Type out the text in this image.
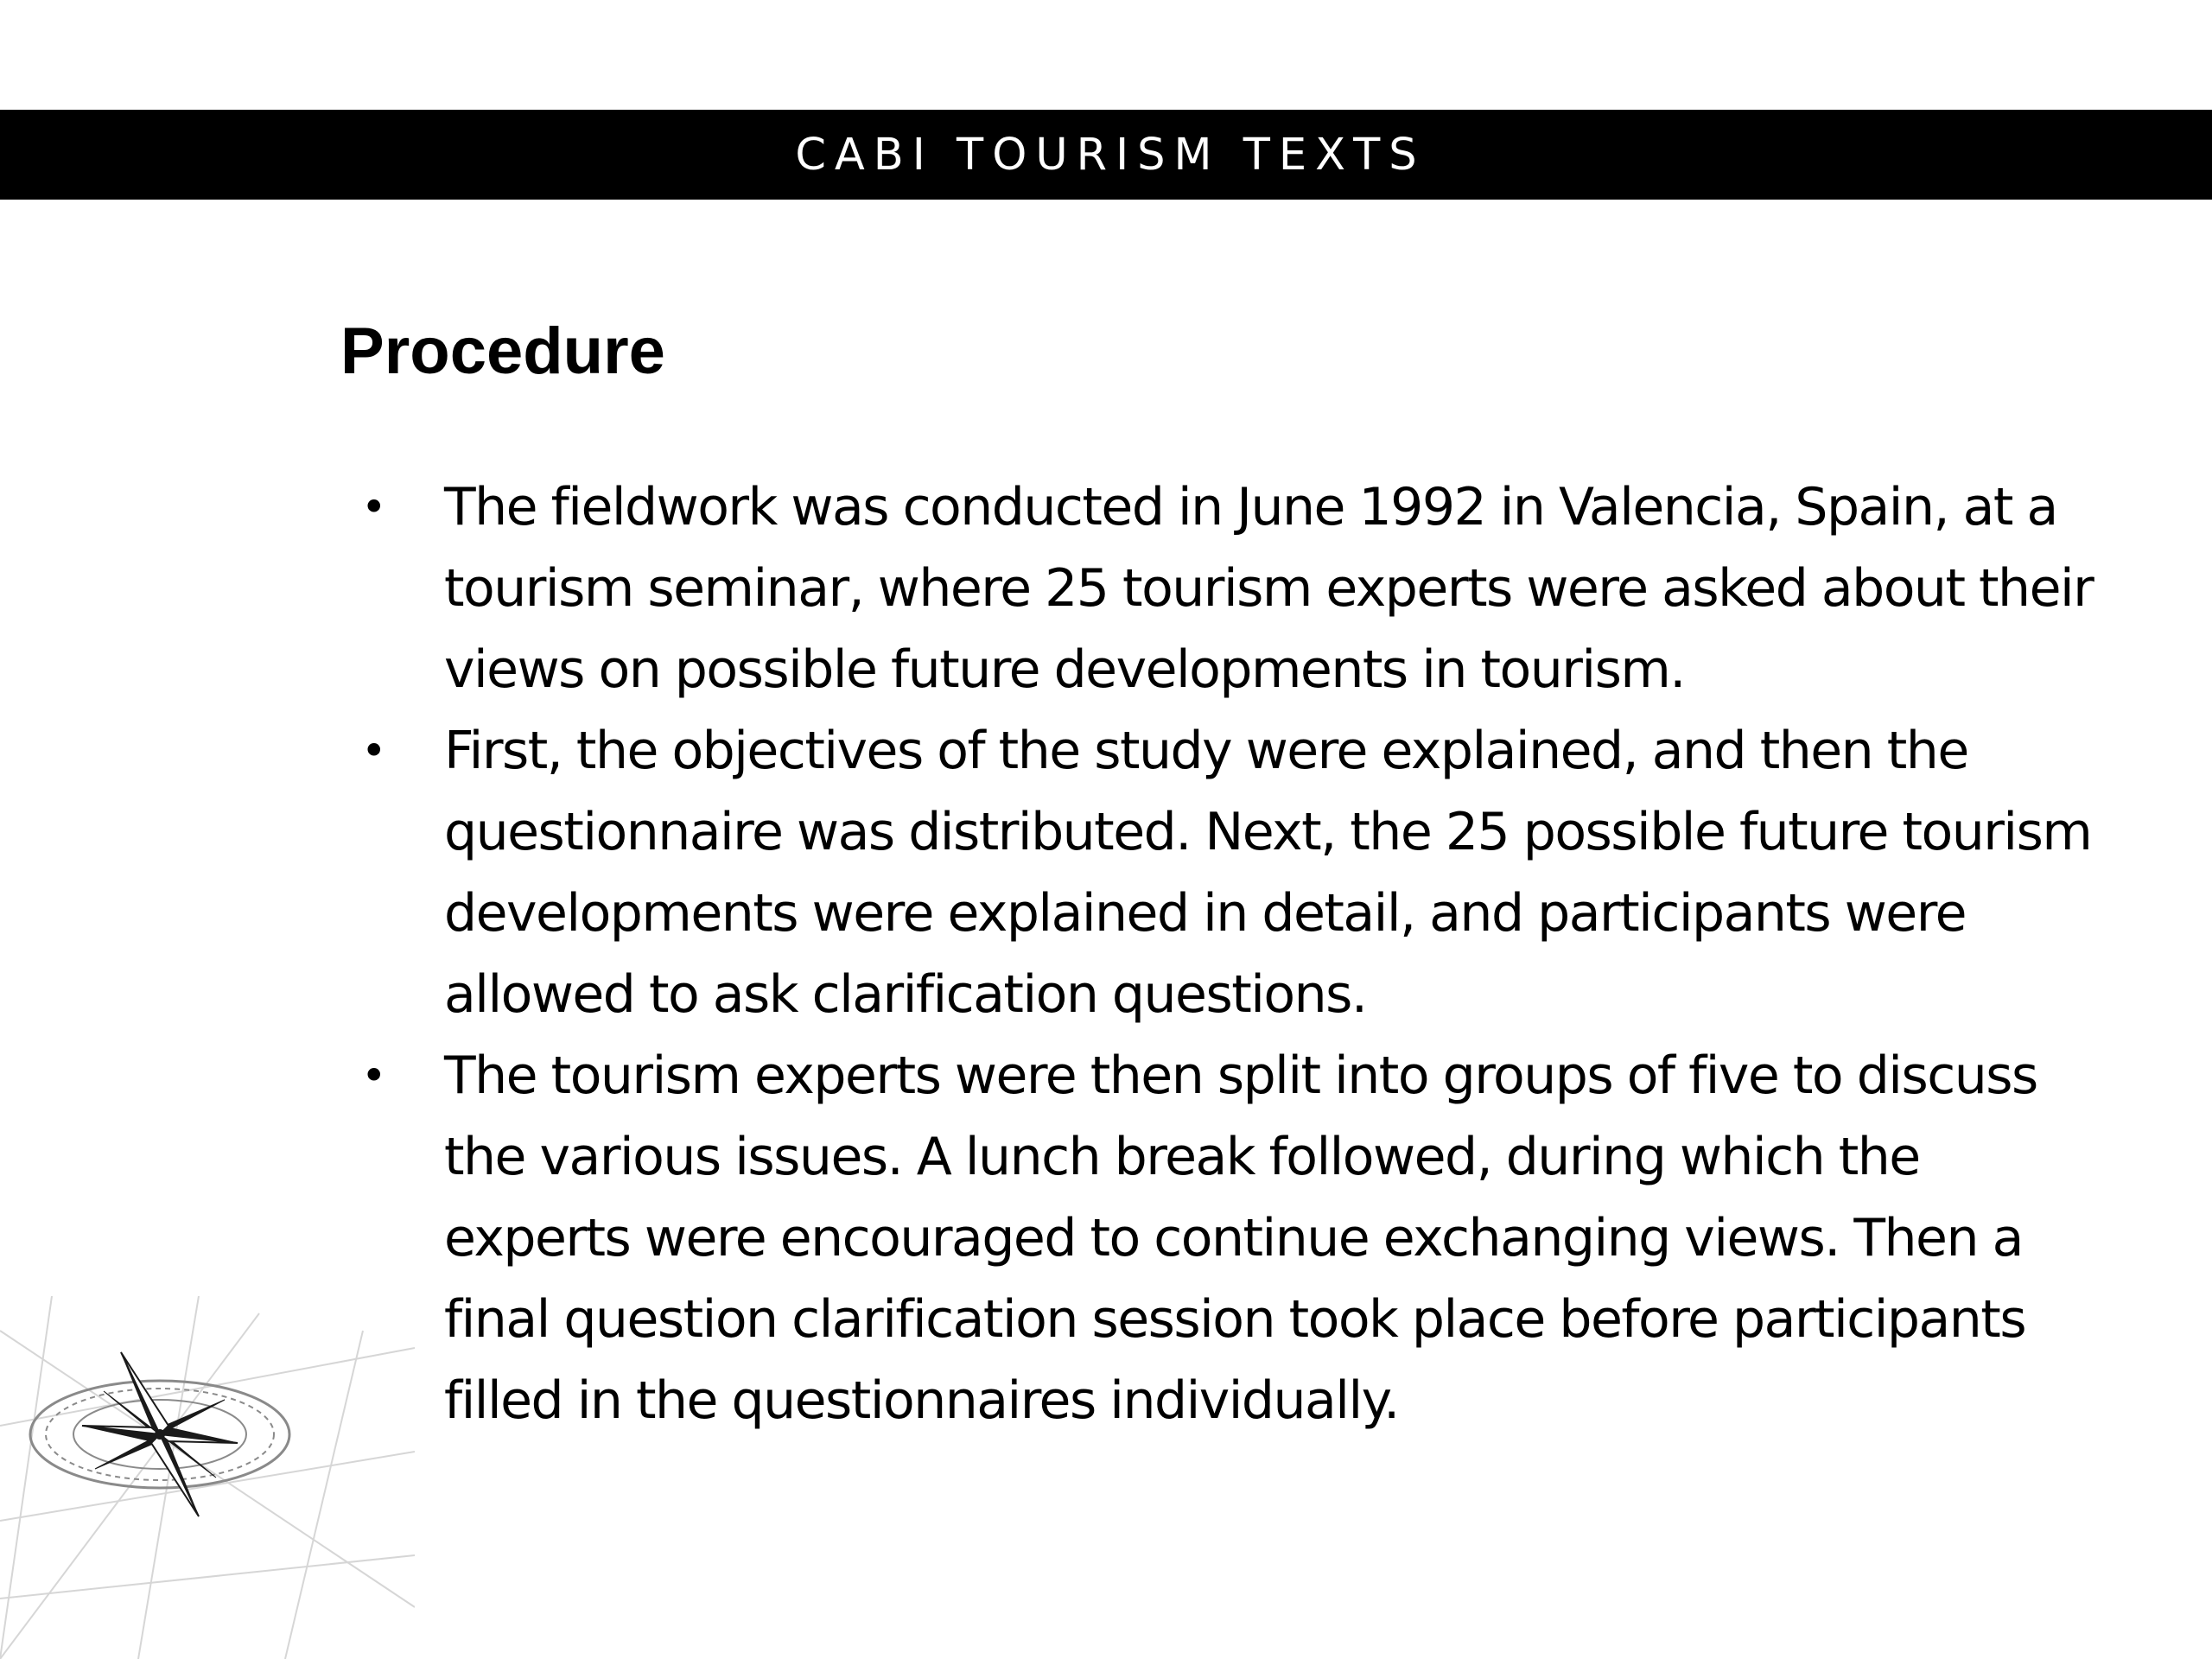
CABI TOURISM TEXTS
Procedure
• The fieldwork was conducted in June 1992 in Valencia, Spain, at a tourism seminar, where 25 tourism experts were asked about their views on possible future developments in tourism.
• First, the objectives of the study were explained, and then the questionnaire was distributed. Next, the 25 possible future tourism developments were explained in detail, and participants were allowed to ask clarification questions.
• The tourism experts were then split into groups of five to discuss the various issues. A lunch break followed, during which the experts were encouraged to continue exchanging views. Then a final question clarification session took place before participants filled in the questionnaires individually.
